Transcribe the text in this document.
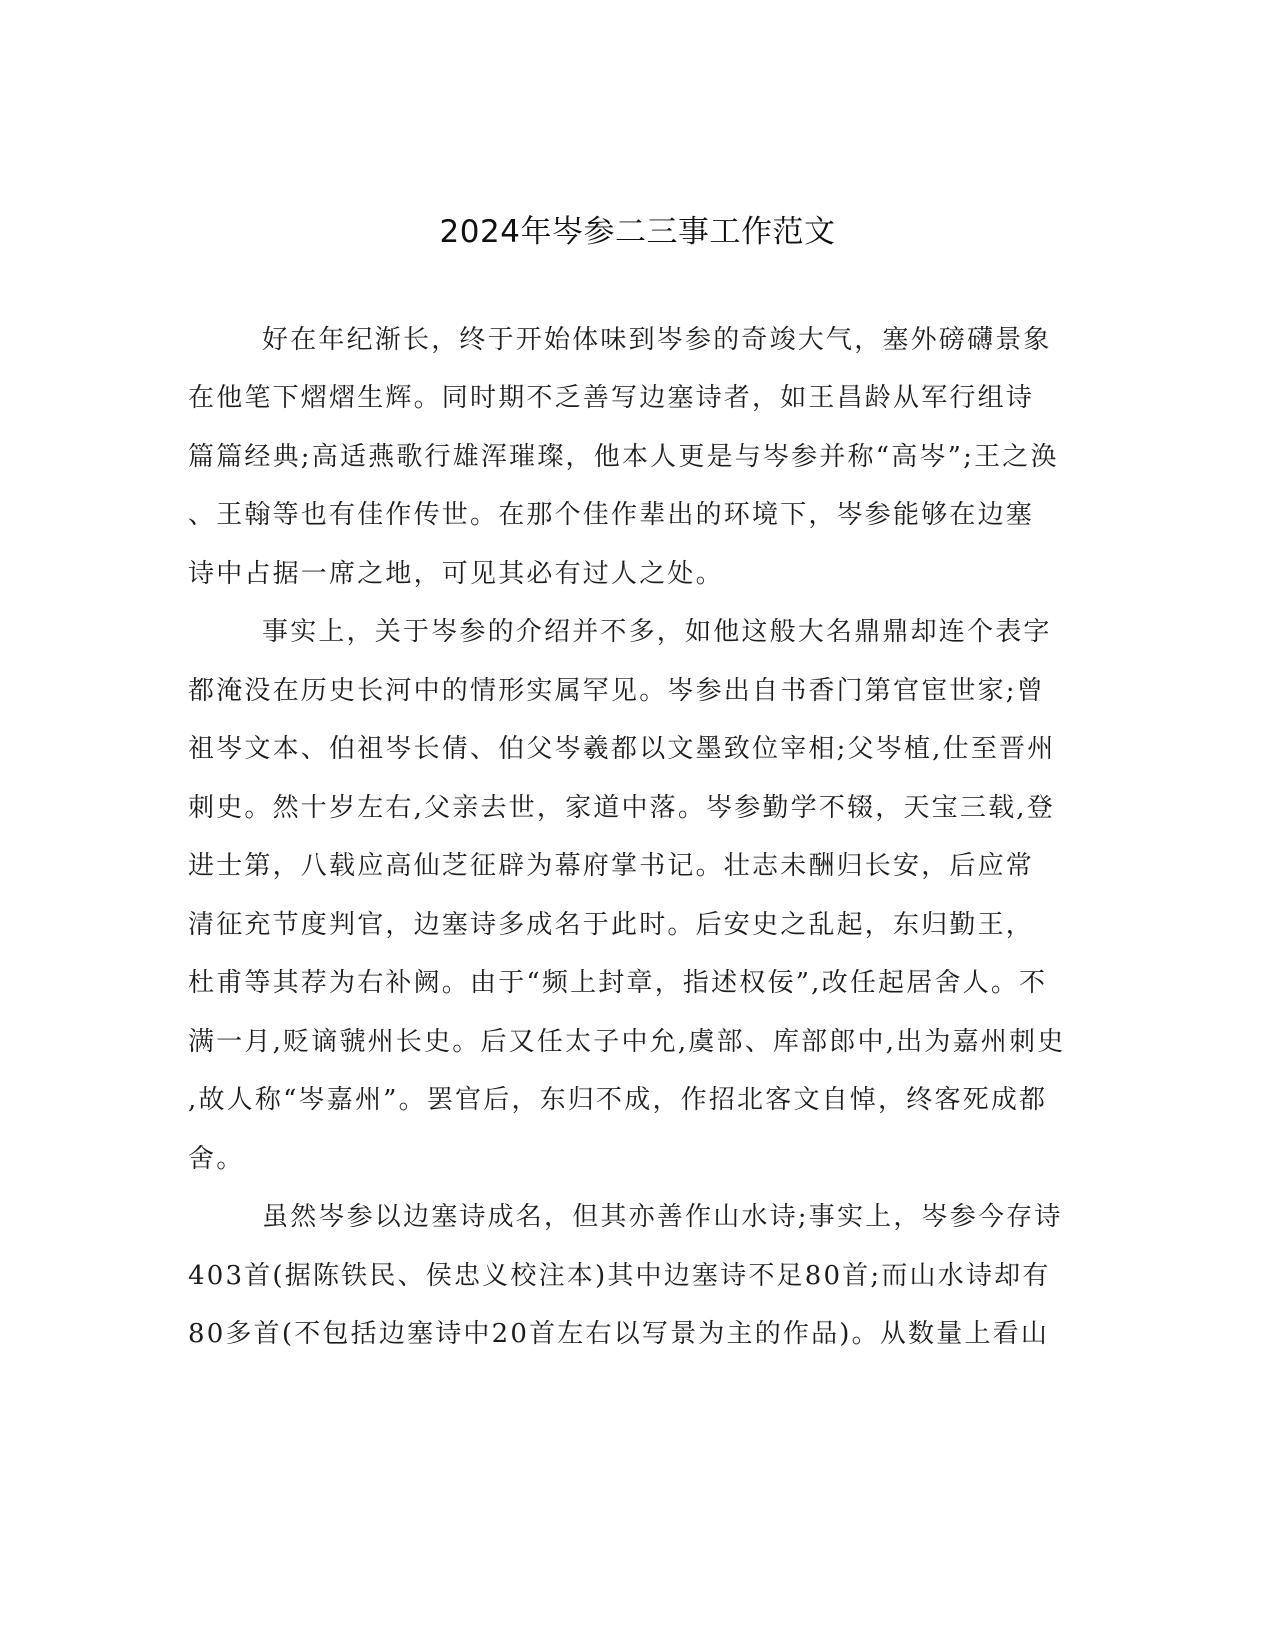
2024年岑参二三事工作范文
好在年纪渐长，终于开始体味到岑参的奇竣大气，塞外磅礴景象
在他笔下熠熠生辉。同时期不乏善写边塞诗者，如王昌龄从军行组诗
篇篇经典;高适燕歌行雄浑璀璨，他本人更是与岑参并称“高岑”;王之涣
、王翰等也有佳作传世。在那个佳作辈出的环境下，岑参能够在边塞
诗中占据一席之地，可见其必有过人之处。
事实上，关于岑参的介绍并不多，如他这般大名鼎鼎却连个表字
都淹没在历史长河中的情形实属罕见。岑参出自书香门第官宦世家;曾
祖岑文本、伯祖岑长倩、伯父岑羲都以文墨致位宰相;父岑植,仕至晋州
刺史。然十岁左右,父亲去世，家道中落。岑参勤学不辍，天宝三载,登
进士第，八载应高仙芝征辟为幕府掌书记。壮志未酬归长安，后应常
清征充节度判官，边塞诗多成名于此时。后安史之乱起，东归勤王，
杜甫等其荐为右补阙。由于“频上封章，指述权佞”,改任起居舍人。不
满一月,贬谪虢州长史。后又任太子中允,虞部、库部郎中,出为嘉州刺史
,故人称“岑嘉州”。罢官后，东归不成，作招北客文自悼，终客死成都
舍。
虽然岑参以边塞诗成名，但其亦善作山水诗;事实上，岑参今存诗
403首(据陈铁民、侯忠义校注本)其中边塞诗不足80首;而山水诗却有
80多首(不包括边塞诗中20首左右以写景为主的作品)。从数量上看山
